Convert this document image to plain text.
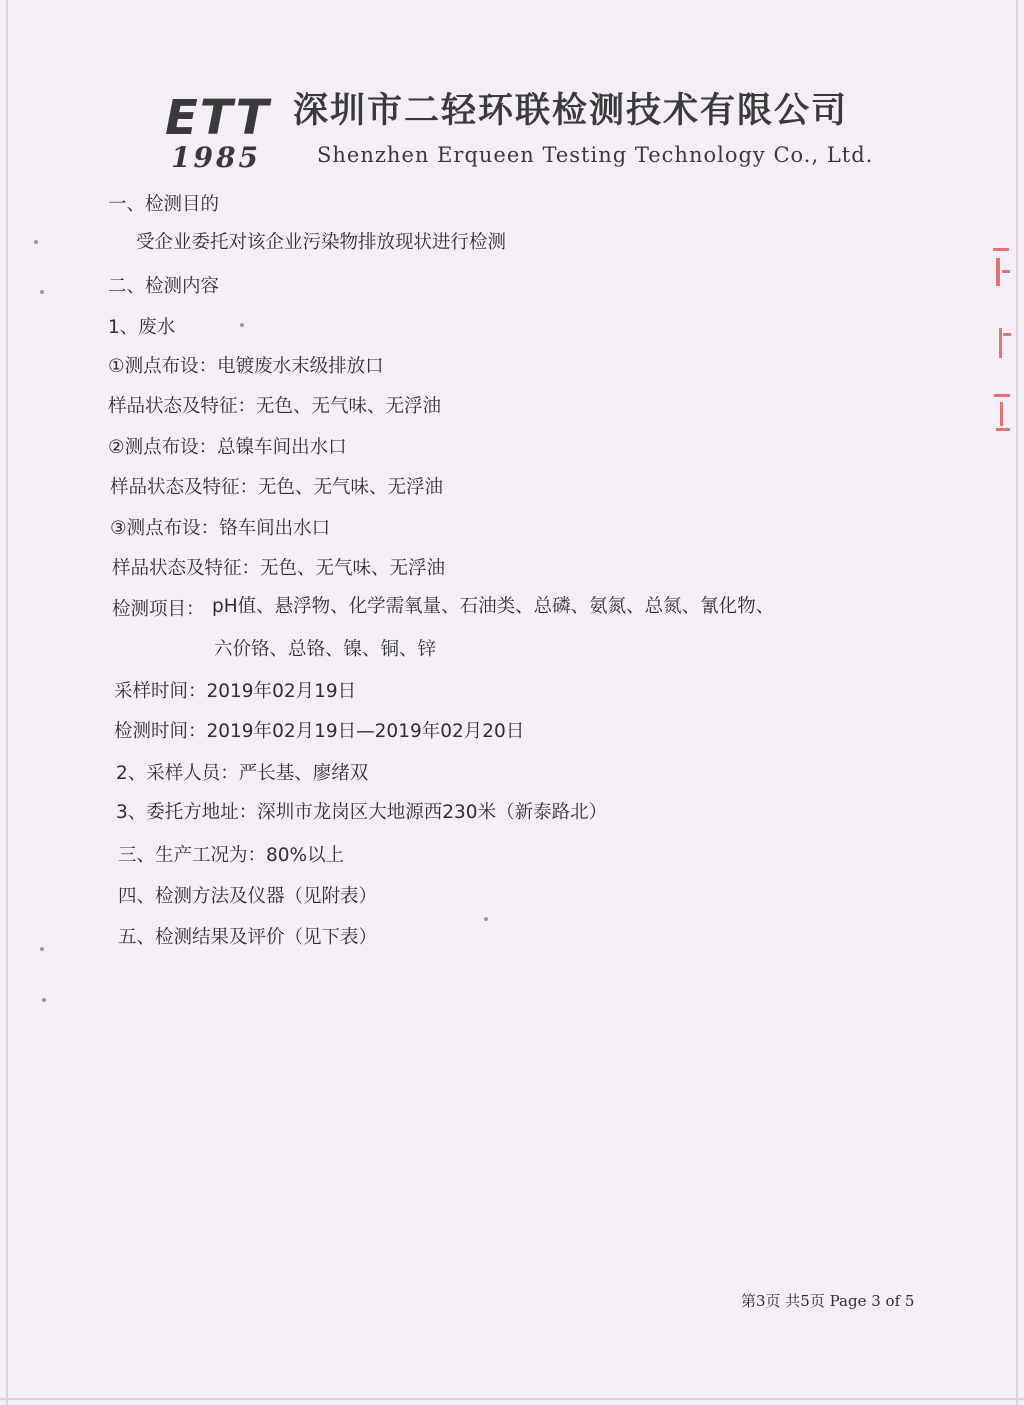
ETT
1985
深圳市二轻环联检测技术有限公司
Shenzhen Erqueen Testing Technology Co., Ltd.
一、检测目的
受企业委托对该企业污染物排放现状进行检测
二、检测内容
1、废水
①测点布设：电镀废水末级排放口
样品状态及特征：无色、无气味、无浮油
②测点布设：总镍车间出水口
样品状态及特征：无色、无气味、无浮油
③测点布设：铬车间出水口
样品状态及特征：无色、无气味、无浮油
检测项目： pH值、悬浮物、化学需氧量、石油类、总磷、氨氮、总氮、氰化物、
六价铬、总铬、镍、铜、锌
采样时间：2019年02月19日
检测时间：2019年02月19日—2019年02月20日
2、采样人员：严长基、廖绪双
3、委托方地址：深圳市龙岗区大地源西230米（新泰路北）
三、生产工况为：80%以上
四、检测方法及仪器（见附表）
五、检测结果及评价（见下表）
第3页 共5页 Page 3 of 5
